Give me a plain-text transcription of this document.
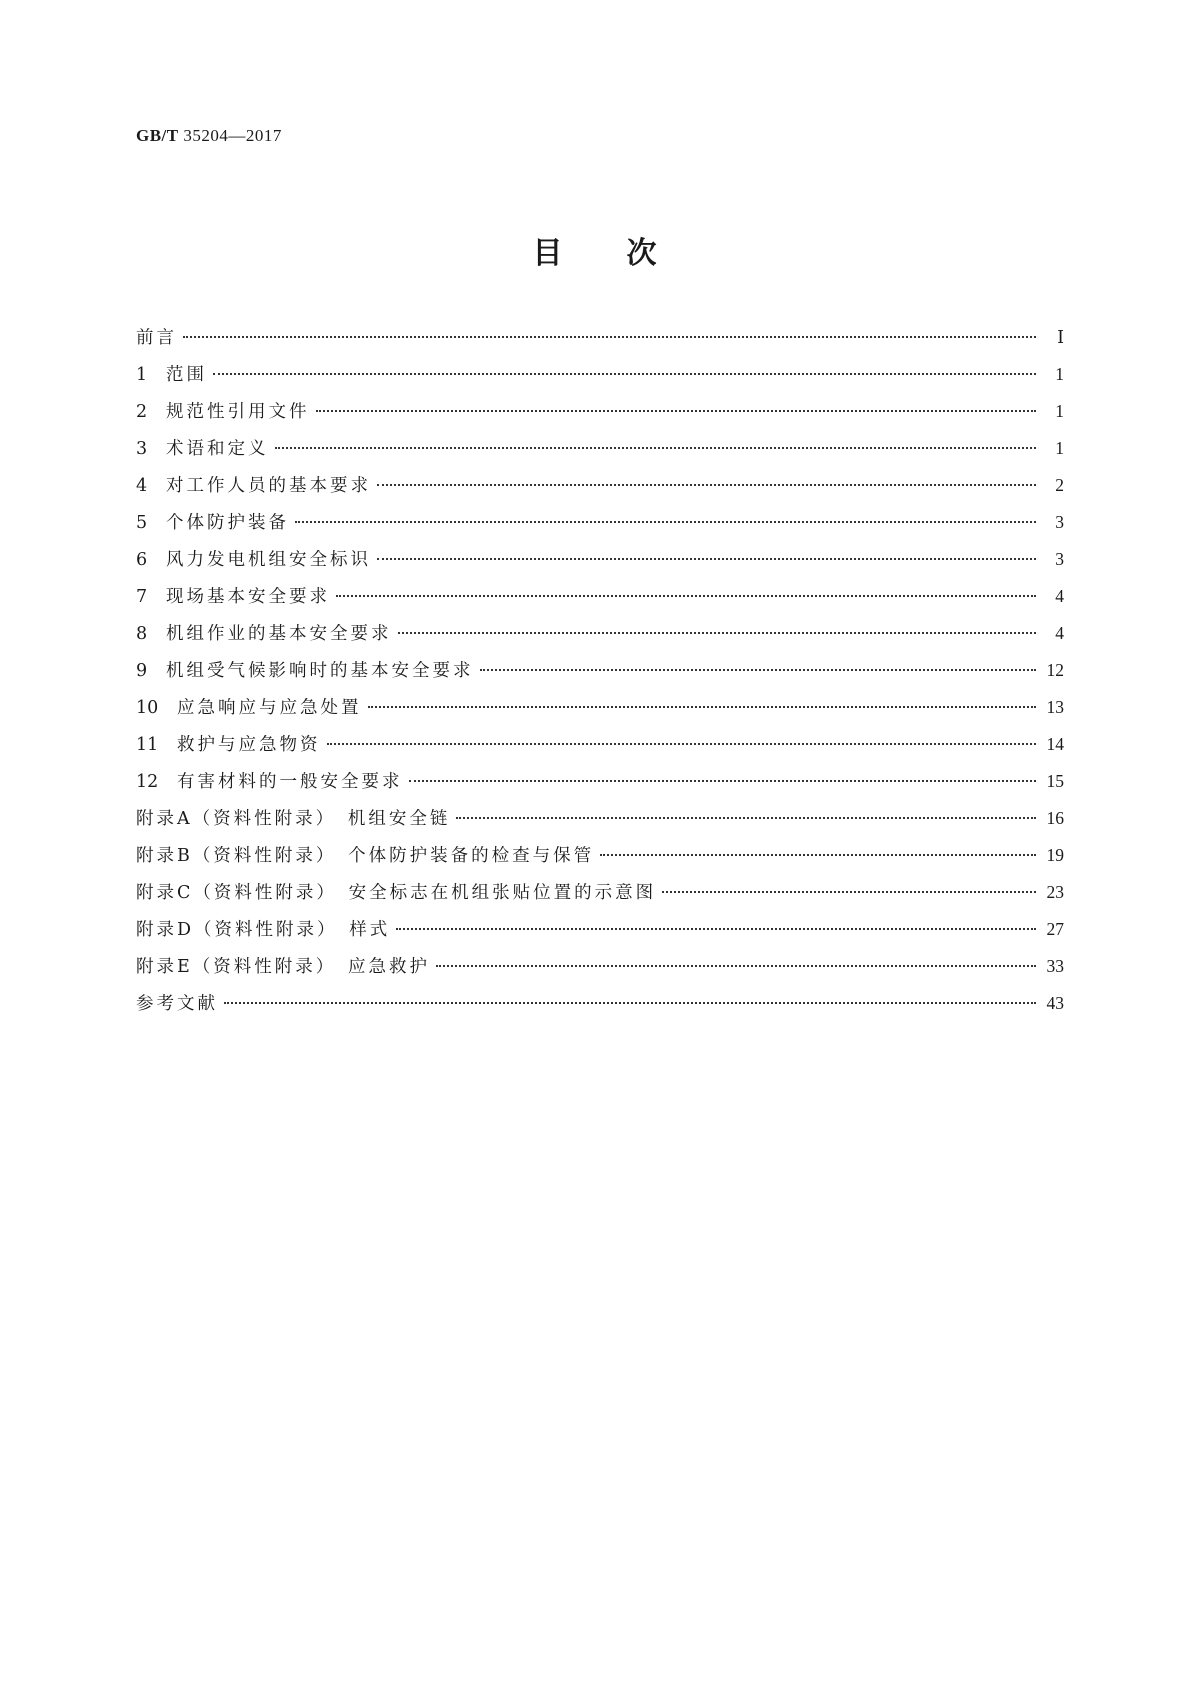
GB/T 35204—2017
目 次
前言	Ⅰ
1	范围	1
2	规范性引用文件	1
3	术语和定义	1
4	对工作人员的基本要求	2
5	个体防护装备	3
6	风力发电机组安全标识	3
7	现场基本安全要求	4
8	机组作业的基本安全要求	4
9	机组受气候影响时的基本安全要求	12
10	应急响应与应急处置	13
11	救护与应急物资	14
12	有害材料的一般安全要求	15
附录A（资料性附录）　机组安全链	16
附录B（资料性附录）　个体防护装备的检查与保管	19
附录C（资料性附录）　安全标志在机组张贴位置的示意图	23
附录D（资料性附录）　样式	27
附录E（资料性附录）　应急救护	33
参考文献	43
